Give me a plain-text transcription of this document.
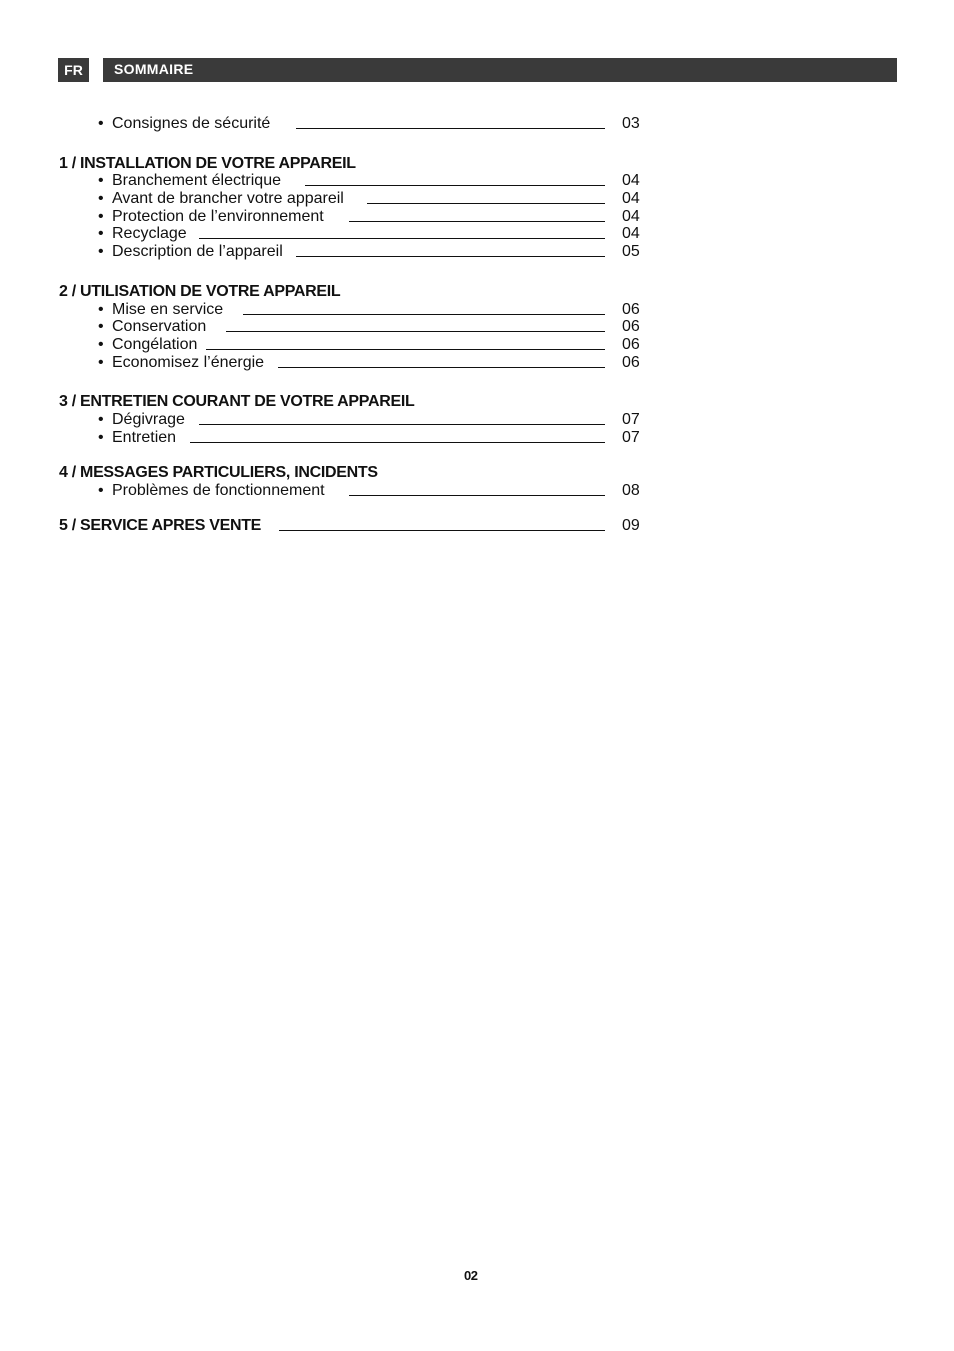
FR	SOMMAIRE
• Consignes de sécurité	03
1 / INSTALLATION DE VOTRE APPAREIL
• Branchement électrique	04
• Avant de brancher votre appareil	04
• Protection de l’environnement	04
• Recyclage	04
• Description de l’appareil	05
2 / UTILISATION DE VOTRE APPAREIL
• Mise en service	06
• Conservation	06
• Congélation	06
• Economisez l’énergie	06
3 / ENTRETIEN COURANT DE VOTRE APPAREIL
• Dégivrage	07
• Entretien	07
4 / MESSAGES PARTICULIERS, INCIDENTS
• Problèmes de fonctionnement	08
5 / SERVICE APRES VENTE	09
02
